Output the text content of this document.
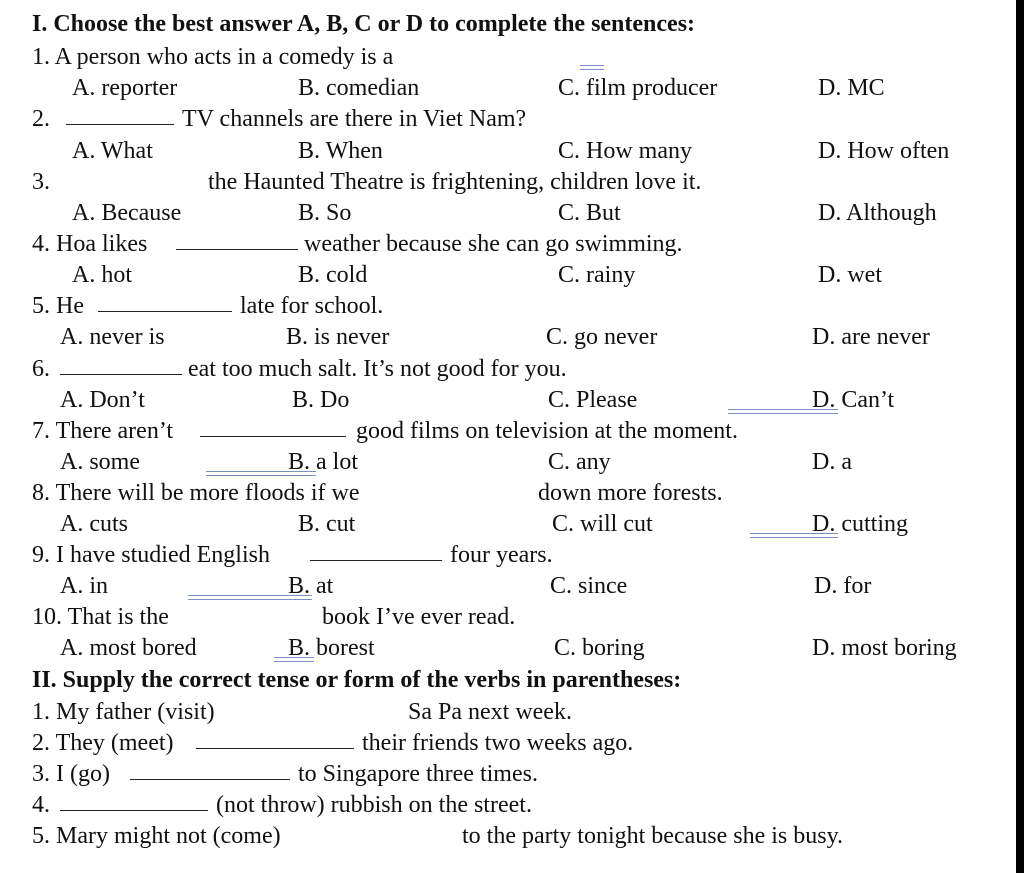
I. Choose the best answer A, B, C or D to complete the sentences:
1. A person who acts in a comedy is a
A. reporter	B. comedian	C. film producer	D. MC
2.	TV channels are there in Viet Nam?
A. What	B. When	C. How many	D. How often
3.	the Haunted Theatre is frightening, children love it.
A. Because	B. So	C. But	D. Although
4. Hoa likes	weather because she can go swimming.
A. hot	B. cold	C. rainy	D. wet
5. He	late for school.
A. never is	B. is never	C. go never	D. are never
6.	eat too much salt. It’s not good for you.
A. Don’t	B. Do	C. Please	D. Can’t
7. There aren’t	good films on television at the moment.
A. some	B. a lot	C. any	D. a
8. There will be more floods if we	down more forests.
A. cuts	B. cut	C. will cut	D. cutting
9. I have studied English	four years.
A. in	B. at	C. since	D. for
10. That is the	book I’ve ever read.
A. most bored	B. borest	C. boring	D. most boring
II. Supply the correct tense or form of the verbs in parentheses:
1. My father (visit)	Sa Pa next week.
2. They (meet)	their friends two weeks ago.
3. I (go)	to Singapore three times.
4.	(not throw) rubbish on the street.
5. Mary might not (come)	to the party tonight because she is busy.
